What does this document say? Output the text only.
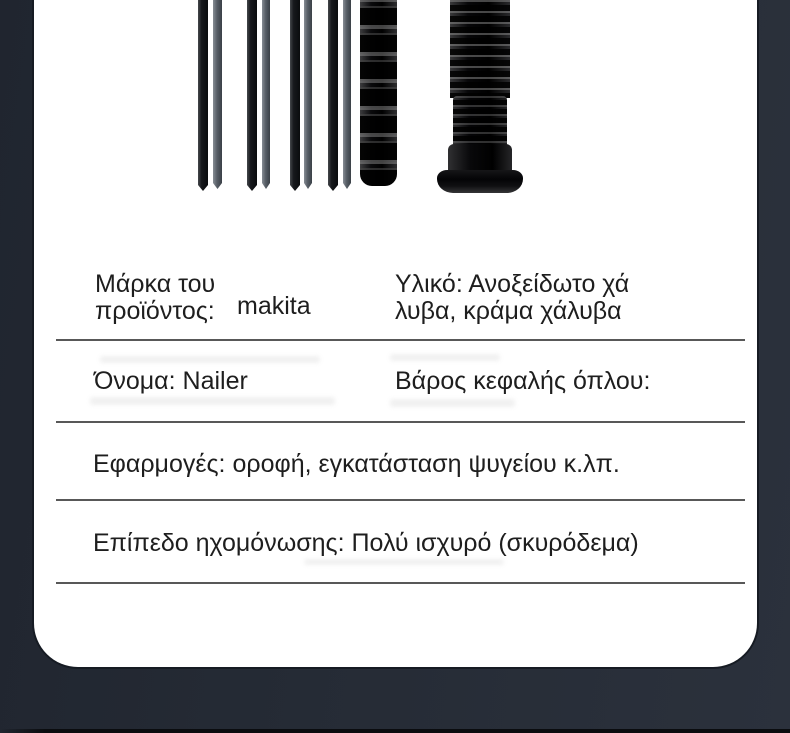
Μάρκα του
προϊόντος: makita
Υλικό: Ανοξείδωτο χά
λυβα, κράμα χάλυβα
Όνομα: Nailer	Βάρος κεφαλής όπλου:
Εφαρμογές: οροφή, εγκατάσταση ψυγείου κ.λπ.
Επίπεδο ηχομόνωσης: Πολύ ισχυρό (σκυρόδεμα)
